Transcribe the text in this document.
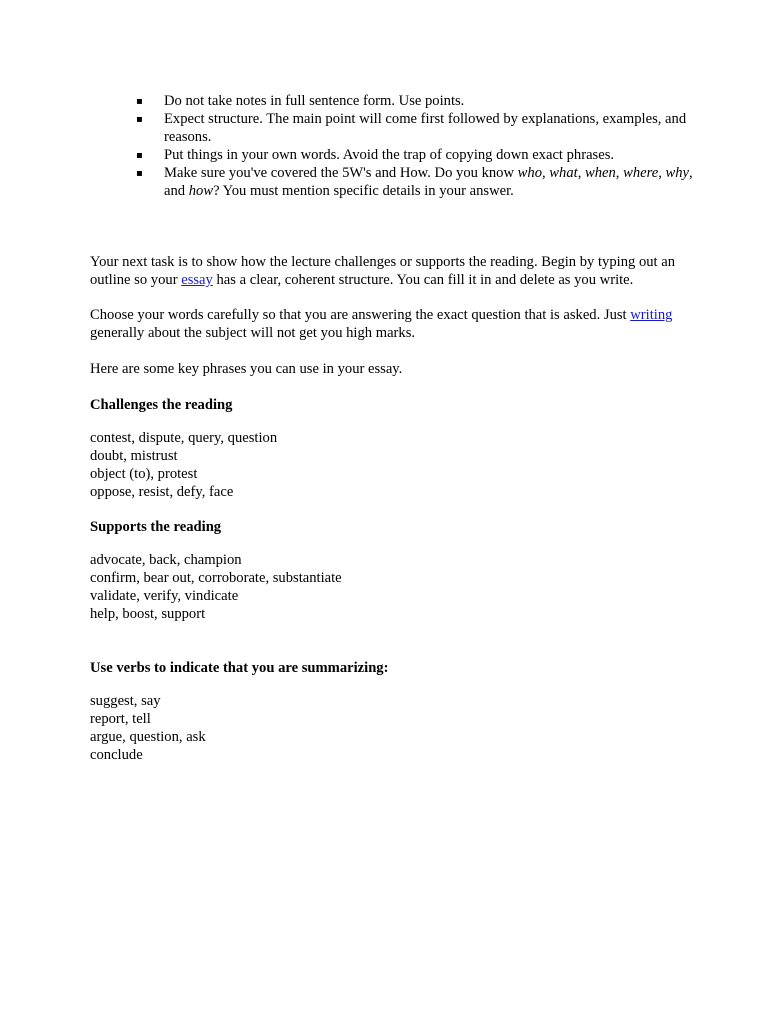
▪	Do not take notes in full sentence form. Use points.
▪	Expect structure. The main point will come first followed by explanations, examples, and reasons.
▪	Put things in your own words. Avoid the trap of copying down exact phrases.
▪	Make sure you've covered the 5W's and How. Do you know who, what, when, where, why, and how? You must mention specific details in your answer.

Your next task is to show how the lecture challenges or supports the reading. Begin by typing out an outline so your essay has a clear, coherent structure. You can fill it in and delete as you write.

Choose your words carefully so that you are answering the exact question that is asked. Just writing generally about the subject will not get you high marks.

Here are some key phrases you can use in your essay.

Challenges the reading

contest, dispute, query, question
doubt, mistrust
object (to), protest
oppose, resist, defy, face

Supports the reading

advocate, back, champion
confirm, bear out, corroborate, substantiate
validate, verify, vindicate
help, boost, support

Use verbs to indicate that you are summarizing:

suggest, say
report, tell
argue, question, ask
conclude
